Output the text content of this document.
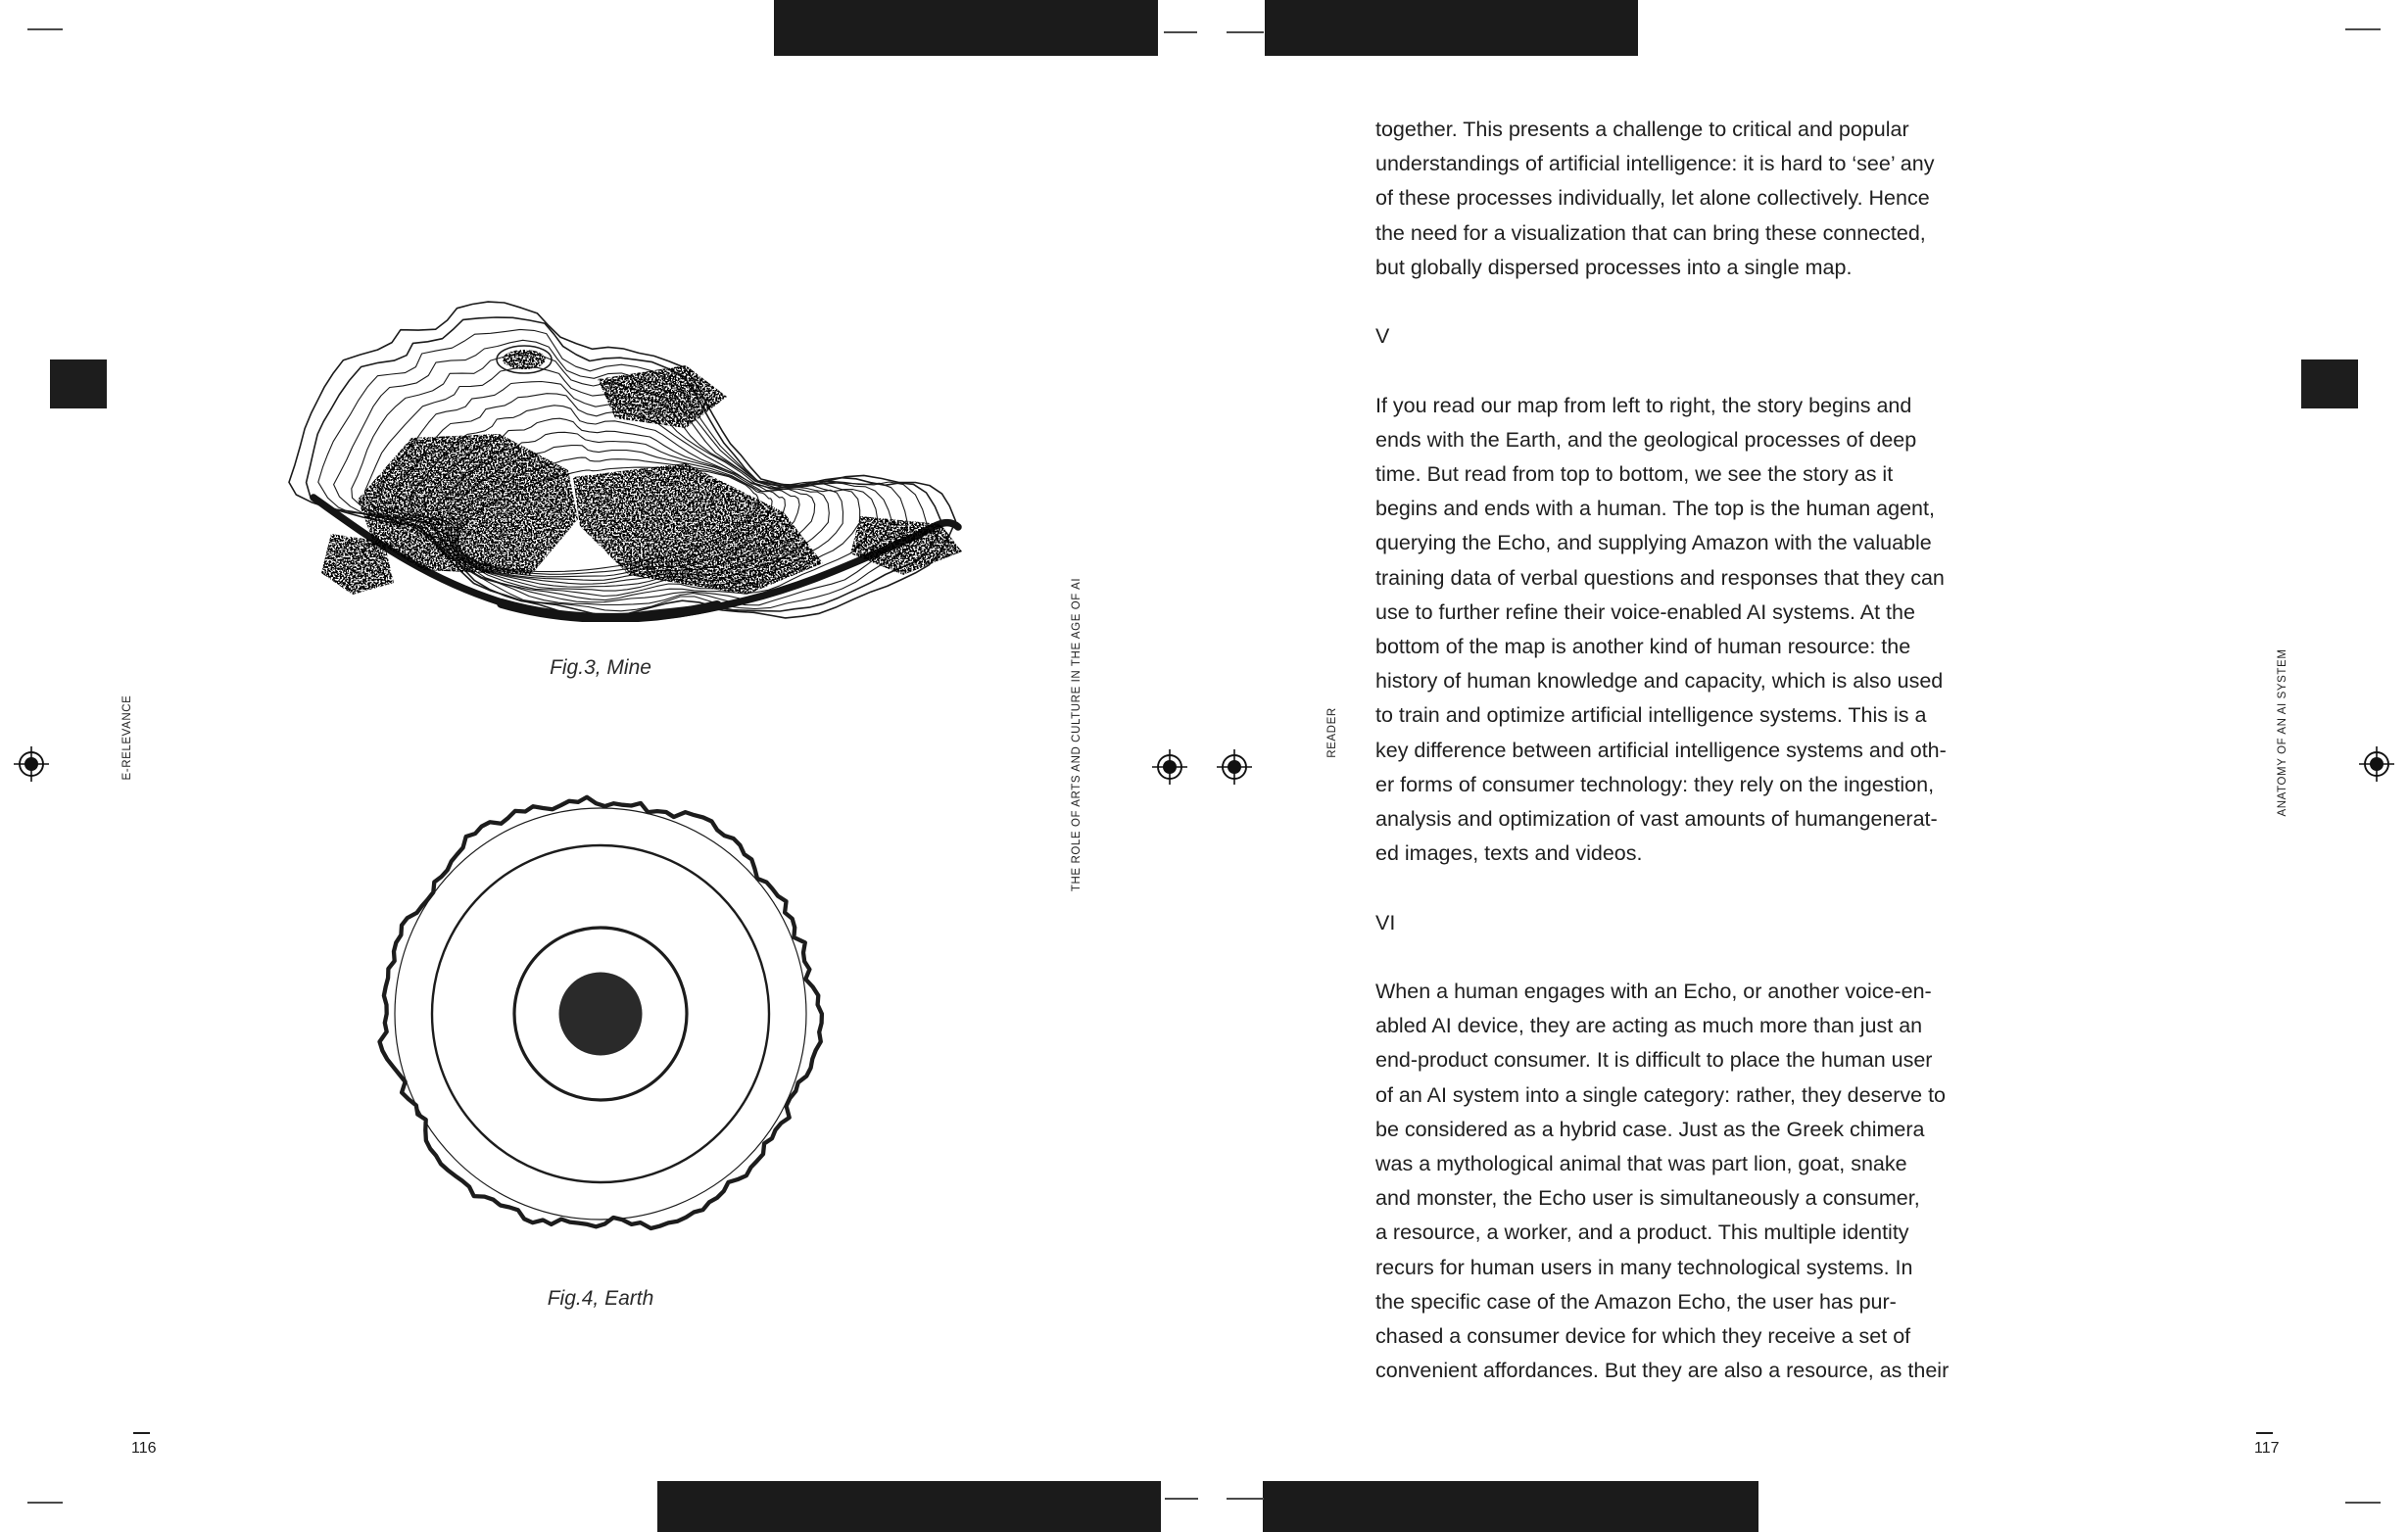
E-RELEVANCE	THE ROLE OF ARTS AND CULTURE IN THE AGE OF AI	READER	ANATOMY OF AN AI SYSTEM
Fig.3, Mine
Fig.4, Earth
116	117
together. This presents a challenge to critical and popular
understandings of artificial intelligence: it is hard to ‘see’ any
of these processes individually, let alone collectively. Hence
the need for a visualization that can bring these connected,
but globally dispersed processes into a single map.
V
If you read our map from left to right, the story begins and
ends with the Earth, and the geological processes of deep
time. But read from top to bottom, we see the story as it
begins and ends with a human. The top is the human agent,
querying the Echo, and supplying Amazon with the valuable
training data of verbal questions and responses that they can
use to further refine their voice-enabled AI systems. At the
bottom of the map is another kind of human resource: the
history of human knowledge and capacity, which is also used
to train and optimize artificial intelligence systems. This is a
key difference between artificial intelligence systems and oth-
er forms of consumer technology: they rely on the ingestion,
analysis and optimization of vast amounts of humangenerat-
ed images, texts and videos.
VI
When a human engages with an Echo, or another voice-en-
abled AI device, they are acting as much more than just an
end-product consumer. It is difficult to place the human user
of an AI system into a single category: rather, they deserve to
be considered as a hybrid case. Just as the Greek chimera
was a mythological animal that was part lion, goat, snake
and monster, the Echo user is simultaneously a consumer,
a resource, a worker, and a product. This multiple identity
recurs for human users in many technological systems. In
the specific case of the Amazon Echo, the user has pur-
chased a consumer device for which they receive a set of
convenient affordances. But they are also a resource, as their
